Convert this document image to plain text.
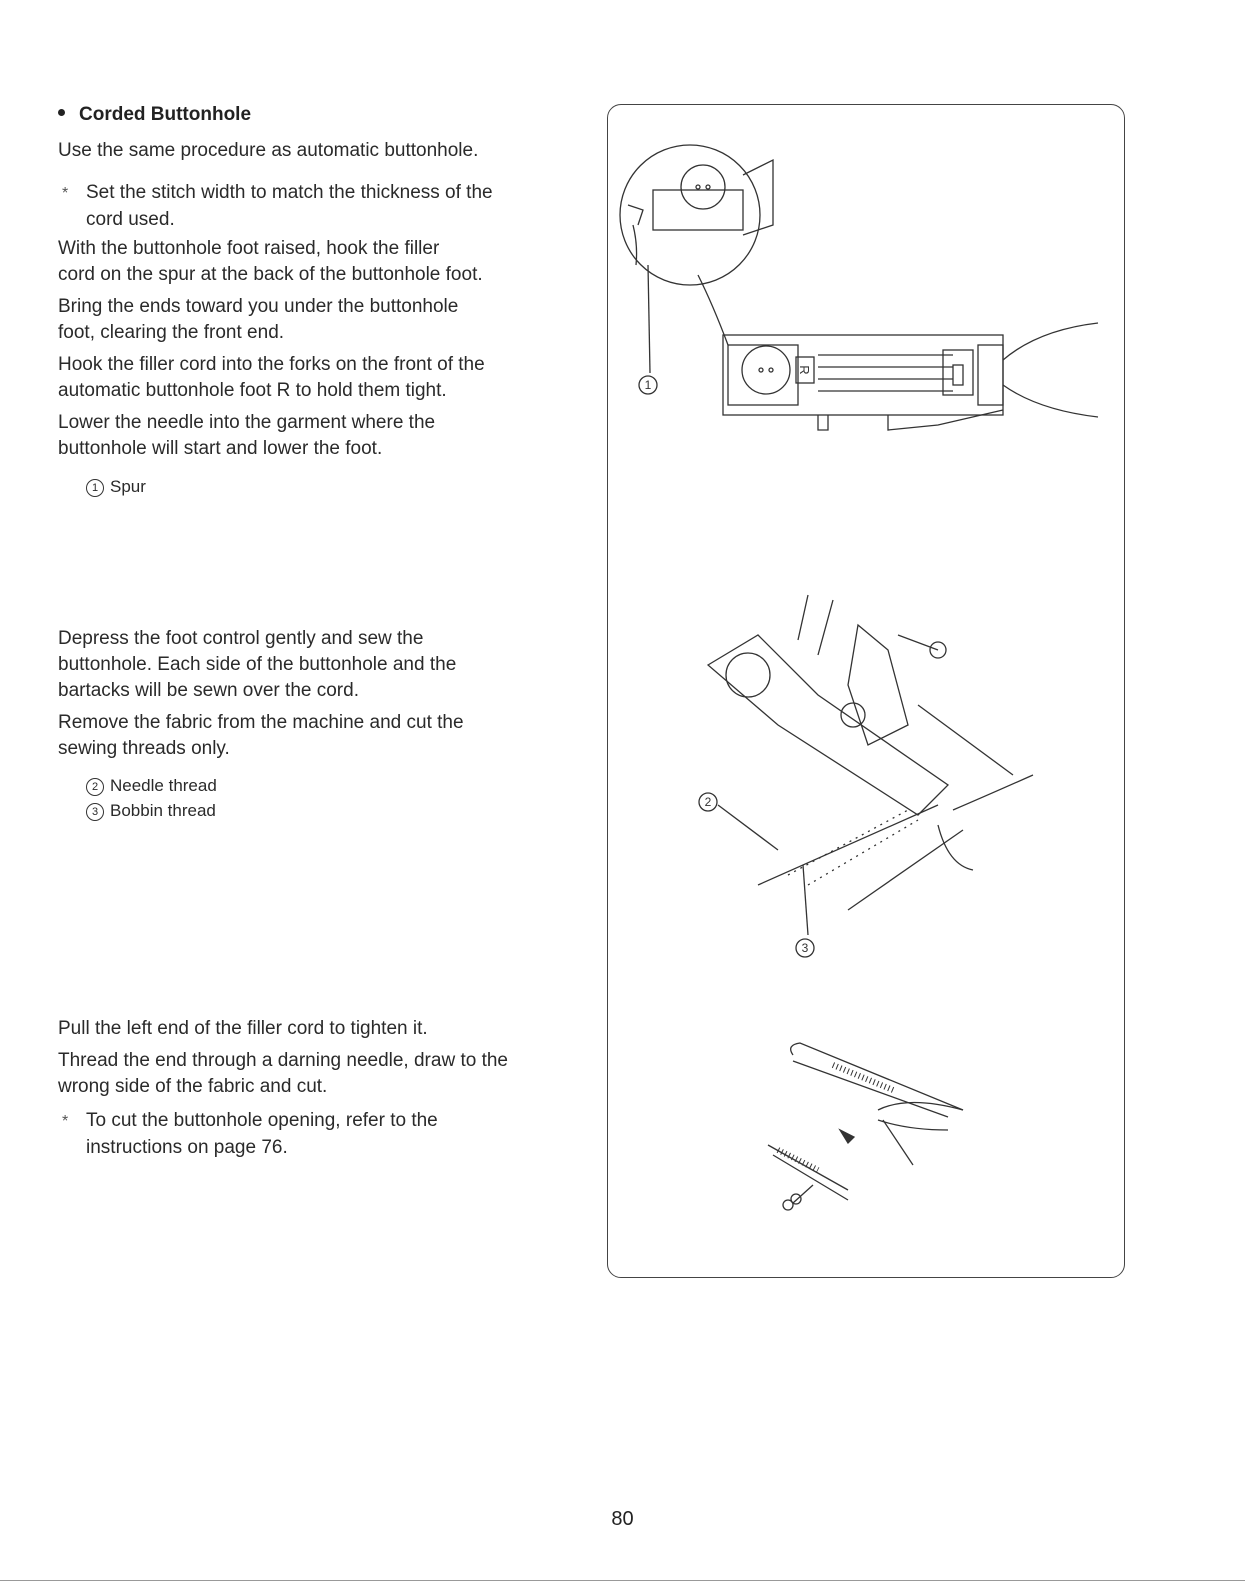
Corded Buttonhole
Use the same procedure as automatic buttonhole.
* Set the stitch width to match the thickness of the
cord used.
With the buttonhole foot raised, hook the filler
cord on the spur at the back of the buttonhole foot.
Bring the ends toward you under the buttonhole
foot, clearing the front end.
Hook the filler cord into the forks on the front of the
automatic buttonhole foot R to hold them tight.
Lower the needle into the garment where the
buttonhole will start and lower the foot.
1 Spur
Depress the foot control gently and sew the
buttonhole. Each side of the buttonhole and the
bartacks will be sewn over the cord.
Remove the fabric from the machine and cut the
sewing threads only.
2 Needle thread
3 Bobbin thread
Pull the left end of the filler cord to tighten it.
Thread the end through a darning needle, draw to the
wrong side of the fabric and cut.
* To cut the buttonhole opening, refer to the
instructions on page 76.
1
2
3
R
80
